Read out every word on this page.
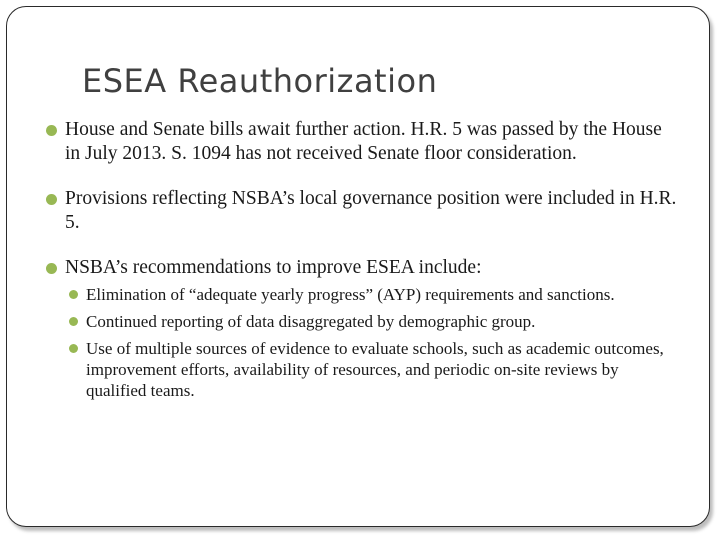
ESEA Reauthorization
House and Senate bills await further action. H.R. 5 was passed by the House in July 2013. S. 1094 has not received Senate floor consideration.
Provisions reflecting NSBA’s local governance position were included in H.R. 5.
NSBA’s recommendations to improve ESEA include:
Elimination of “adequate yearly progress” (AYP) requirements and sanctions.
Continued reporting of data disaggregated by demographic group.
Use of multiple sources of evidence to evaluate schools, such as academic outcomes, improvement efforts, availability of resources, and periodic on-site reviews by qualified teams.
